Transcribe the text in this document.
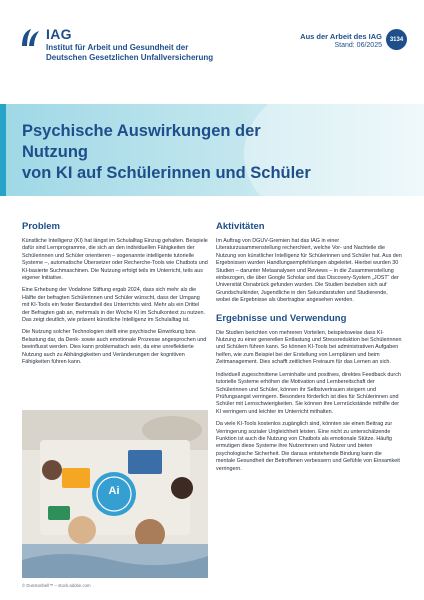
IAG
Institut für Arbeit und Gesundheit der
Deutschen Gesetzlichen Unfallversicherung
Aus der Arbeit des IAG
Stand: 06/2025
3134
Psychische Auswirkungen der Nutzung
von KI auf Schülerinnen und Schüler
Problem

Künstliche Intelligenz (KI) hat längst im Schulalltag Einzug gehalten. Beispiele dafür sind Lernprogramme, die sich an den individuellen Fähigkeiten der Schülerinnen und Schüler orientieren – sogenannte intelligente tutorielle Systeme –, automatische Übersetzer oder Recherche-Tools wie Chatbots und KI-basierte Suchmaschinen. Die Nutzung erfolgt teils im Unterricht, teils aus eigener Initiative.

Eine Erhebung der Vodafone Stiftung ergab 2024, dass sich mehr als die Hälfte der befragten Schülerinnen und Schüler wünscht, dass der Umgang mit KI-Tools ein fester Bestandteil des Unterrichts wird. Mehr als ein Drittel der Befragten gab an, mehrmals in der Woche KI im Schulkontext zu nutzen. Das zeigt deutlich, wie präsent künstliche Intelligenz im Schulalltag ist.

Die Nutzung solcher Technologien stellt eine psychische Einwirkung bzw. Belastung dar, da Denk- sowie auch emotionale Prozesse angesprochen und beeinflusst werden. Dies kann problematisch sein, da eine unreflektierte Nutzung auch zu Abhängigkeiten und Veränderungen der kognitiven Fähigkeiten führen kann.

Ai
© Dunstonbell™ – stock.adobe.com
Aktivitäten

Im Auftrag von DGUV-Gremien hat das IAG in einer Literaturzusammenstellung recherchiert, welche Vor- und Nachteile die Nutzung von künstlicher Intelligenz für Schülerinnen und Schüler hat. Aus den Ergebnissen wurden Handlungsempfehlungen abgeleitet. Hierbei wurden 30 Studien – darunter Metaanalysen und Reviews – in die Zusammenstellung einbezogen, die über Google Scholar und das Discovery-System „JOST“ der Universität Osnabrück gefunden wurden. Die Studien bezieben sich auf Grundschulkinder, Jugendliche in den Sekundarstufen und Studierende, wobei die Ergebnisse als übertragbar angesehen werden.

Ergebnisse und Verwendung

Die Studien berichten von mehreren Vorteilen, beispielsweise dass KI-Nutzung zu einer generellen Entlastung und Stressreduktion bei Schülerinnen und Schülern führen kann. So können KI-Tools bei administrativen Aufgaben helfen, wie zum Beispiel bei der Erstellung von Lernplänen und beim Zeitmanagement. Dies schafft zeitlichen Freiraum für das Lernen an sich.

Individuell zugeschnittene Lerninhalte und positives, direktes Feedback durch tutorielle Systeme erhöhen die Motivation und Lernbereitschaft der Schülerinnen und Schüler, können ihr Selbstvertrauen steigern und Prüfungsangst verringern. Besonders förderlich ist dies für Schülerinnen und Schüler mit Lernschwierigkeiten. Sie können ihre Lernrückstände mithilfe der KI verringern und leichter im Unterricht mithalten.

Da viele KI-Tools kostenlos zugänglich sind, könnten sie einen Beitrag zur Verringerung sozialer Ungleichheit leisten. Eine nicht zu unterschätzende Funktion ist auch die Nutzung von Chatbots als emotionale Stütze. Häufig ermutigen diese Systeme ihre Nutzerinnen und Nutzer und bieten psychologische Sicherheit. Die daraus entstehende Bindung kann die mentale Gesundheit der Betroffenen verbessern und Gefühle von Einsamkeit verringern.
